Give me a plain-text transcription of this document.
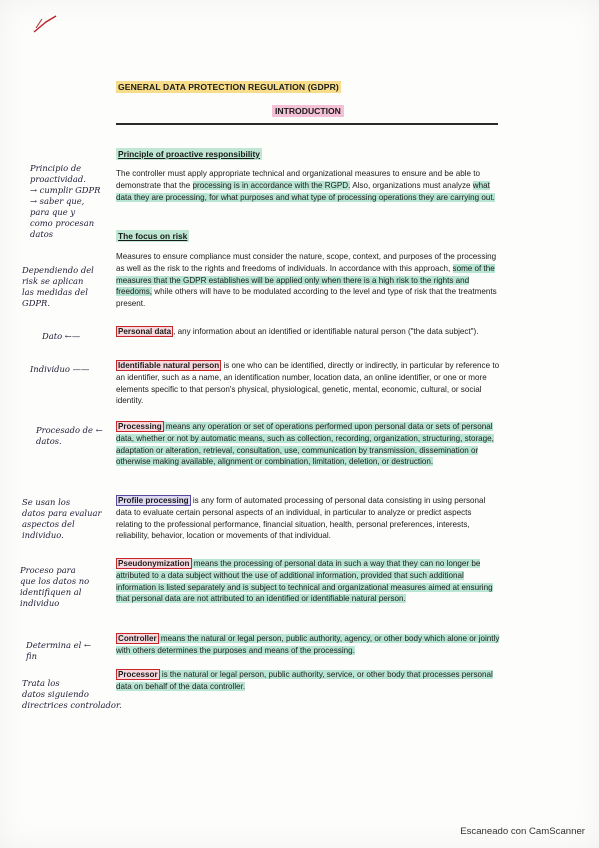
GENERAL DATA PROTECTION REGULATION (GDPR)
INTRODUCTION
Principle of proactive responsibility
The controller must apply appropriate technical and organizational measures to ensure and be able to demonstrate that the processing is in accordance with the RGPD. Also, organizations must analyze what data they are processing, for what purposes and what type of processing operations they are carrying out.
The focus on risk
Measures to ensure compliance must consider the nature, scope, context, and purposes of the processing as well as the risk to the rights and freedoms of individuals. In accordance with this approach, some of the measures that the GDPR establishes will be applied only when there is a high risk to the rights and freedoms, while others will have to be modulated according to the level and type of risk that the treatments present.
Personal data , any information about an identified or identifiable natural person ("the data subject").
Identifiable natural person is one who can be identified, directly or indirectly, in particular by reference to an identifier, such as a name, an identification number, location data, an online identifier, or one or more elements specific to that person's physical, physiological, genetic, mental, economic, cultural, or social identity.
Processing means any operation or set of operations performed upon personal data or sets of personal data, whether or not by automatic means, such as collection, recording, organization, structuring, storage, adaptation or alteration, retrieval, consultation, use, communication by transmission, dissemination or otherwise making available, alignment or combination, limitation, deletion, or destruction.
Profile processing is any form of automated processing of personal data consisting in using personal data to evaluate certain personal aspects of an individual, in particular to analyze or predict aspects relating to the professional performance, financial situation, health, personal preferences, interests, reliability, behavior, location or movements of that individual.
Pseudonymization means the processing of personal data in such a way that they can no longer be attributed to a data subject without the use of additional information, provided that such additional information is listed separately and is subject to technical and organizational measures aimed at ensuring that personal data are not attributed to an identified or identifiable natural person.
Controller means the natural or legal person, public authority, agency, or other body which alone or jointly with others determines the purposes and means of the processing.
Processor is the natural or legal person, public authority, service, or other body that processes personal data on behalf of the data controller.
Principio de
proactividad.
→ cumplir GDPR
→ saber que,
para que y
como procesan
datos
Dependiendo del
risk se aplican
las medidas del
GDPR.
Dato ←—
Individuo ——
Procesado de ←
datos.
Se usan los
datos para evaluar
aspectos del
individuo.
Proceso para
que los datos no
identifiquen al
individuo
Determina el ←
fin
Trata los
datos siguiendo
directrices controlador.
Escaneado con CamScanner
